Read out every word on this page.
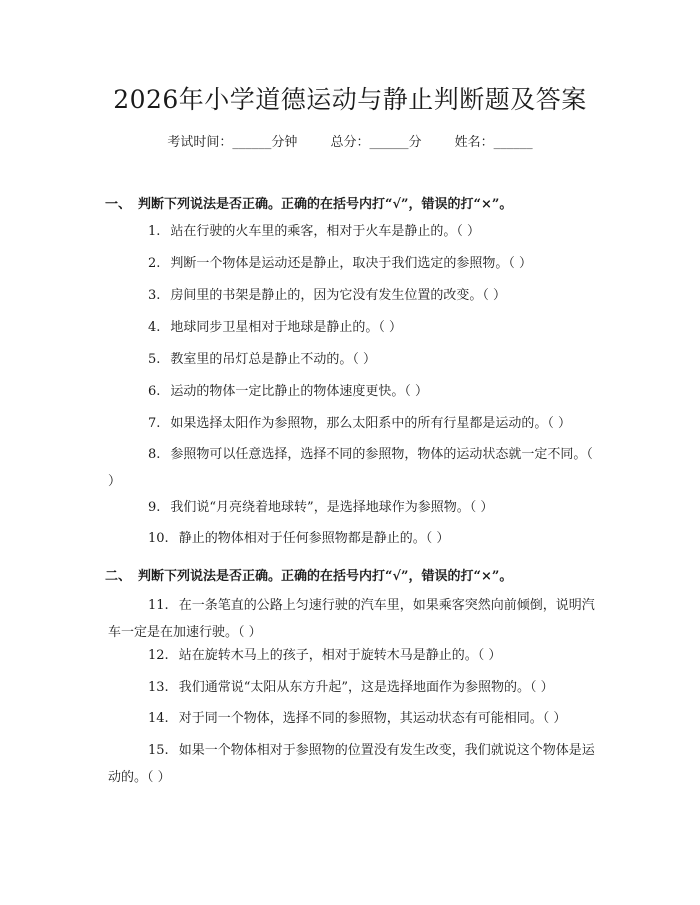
2026年小学道德运动与静止判断题及答案
考试时间：______分钟	总分：______分	姓名：______
一、 判断下列说法是否正确。正确的在括号内打“√”，错误的打“×”。
1. 站在行驶的火车里的乘客，相对于火车是静止的。（ ）
2. 判断一个物体是运动还是静止，取决于我们选定的参照物。（ ）
3. 房间里的书架是静止的，因为它没有发生位置的改变。（ ）
4. 地球同步卫星相对于地球是静止的。（ ）
5. 教室里的吊灯总是静止不动的。（ ）
6. 运动的物体一定比静止的物体速度更快。（ ）
7. 如果选择太阳作为参照物，那么太阳系中的所有行星都是运动的。（ ）
8. 参照物可以任意选择，选择不同的参照物，物体的运动状态就一定不同。（ ）
9. 我们说“月亮绕着地球转”，是选择地球作为参照物。（ ）
10. 静止的物体相对于任何参照物都是静止的。（ ）
二、 判断下列说法是否正确。正确的在括号内打“√”，错误的打“×”。
11. 在一条笔直的公路上匀速行驶的汽车里，如果乘客突然向前倾倒，说明汽车一定是在加速行驶。（ ）
12. 站在旋转木马上的孩子，相对于旋转木马是静止的。（ ）
13. 我们通常说“太阳从东方升起”，这是选择地面作为参照物的。（ ）
14. 对于同一个物体，选择不同的参照物，其运动状态有可能相同。（ ）
15. 如果一个物体相对于参照物的位置没有发生改变，我们就说这个物体是运动的。（ ）
